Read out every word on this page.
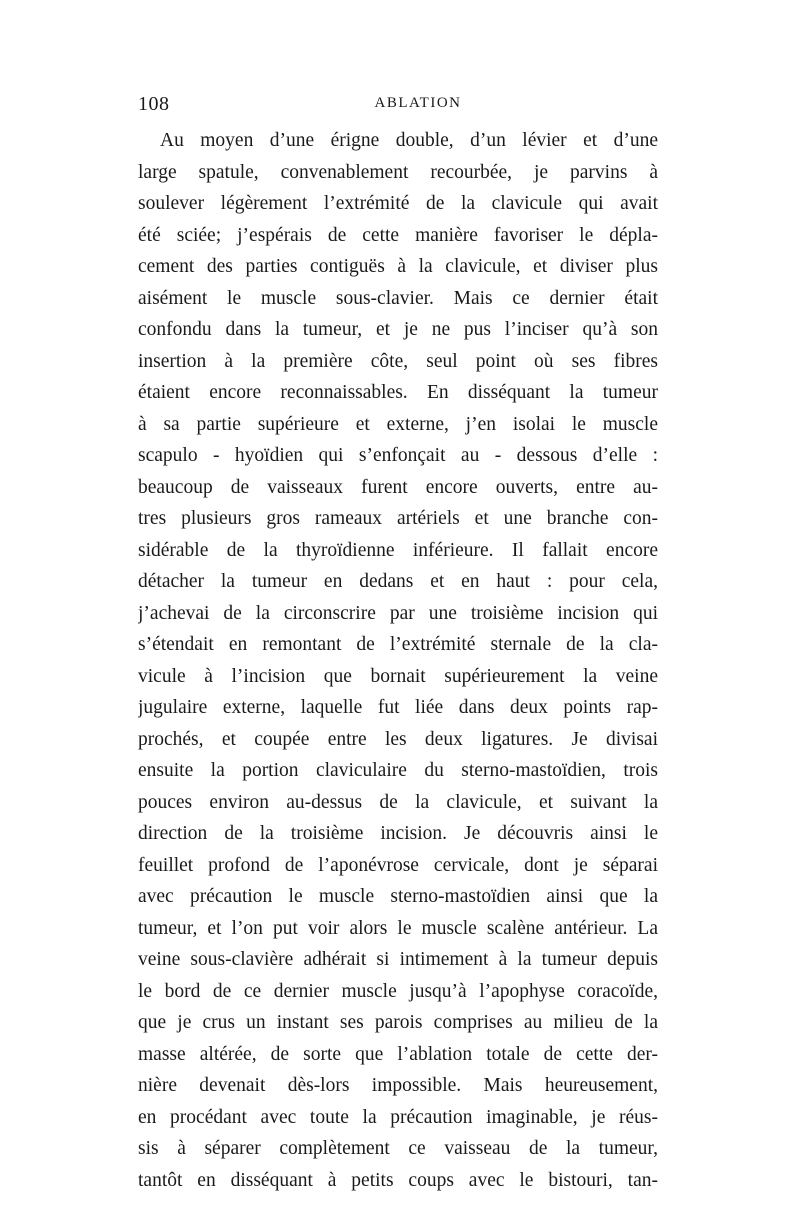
108	ABLATION
Au moyen d’une érigne double, d’un lévier et d’une
large spatule, convenablement recourbée, je parvins à
soulever légèrement l’extrémité de la clavicule qui avait
été sciée; j’espérais de cette manière favoriser le dépla-
cement des parties contiguës à la clavicule, et diviser plus
aisément le muscle sous-clavier. Mais ce dernier était
confondu dans la tumeur, et je ne pus l’inciser qu’à son
insertion à la première côte, seul point où ses fibres
étaient encore reconnaissables. En disséquant la tumeur
à sa partie supérieure et externe, j’en isolai le muscle
scapulo - hyoïdien qui s’enfonçait au - dessous d’elle :
beaucoup de vaisseaux furent encore ouverts, entre au-
tres plusieurs gros rameaux artériels et une branche con-
sidérable de la thyroïdienne inférieure. Il fallait encore
détacher la tumeur en dedans et en haut : pour cela,
j’achevai de la circonscrire par une troisième incision qui
s’étendait en remontant de l’extrémité sternale de la cla-
vicule à l’incision que bornait supérieurement la veine
jugulaire externe, laquelle fut liée dans deux points rap-
prochés, et coupée entre les deux ligatures. Je divisai
ensuite la portion claviculaire du sterno-mastoïdien, trois
pouces environ au-dessus de la clavicule, et suivant la
direction de la troisième incision. Je découvris ainsi le
feuillet profond de l’aponévrose cervicale, dont je séparai
avec précaution le muscle sterno-mastoïdien ainsi que la
tumeur, et l’on put voir alors le muscle scalène antérieur. La
veine sous-clavière adhérait si intimement à la tumeur depuis
le bord de ce dernier muscle jusqu’à l’apophyse coracoïde,
que je crus un instant ses parois comprises au milieu de la
masse altérée, de sorte que l’ablation totale de cette der-
nière devenait dès-lors impossible. Mais heureusement,
en procédant avec toute la précaution imaginable, je réus-
sis à séparer complètement ce vaisseau de la tumeur,
tantôt en disséquant à petits coups avec le bistouri, tan-
